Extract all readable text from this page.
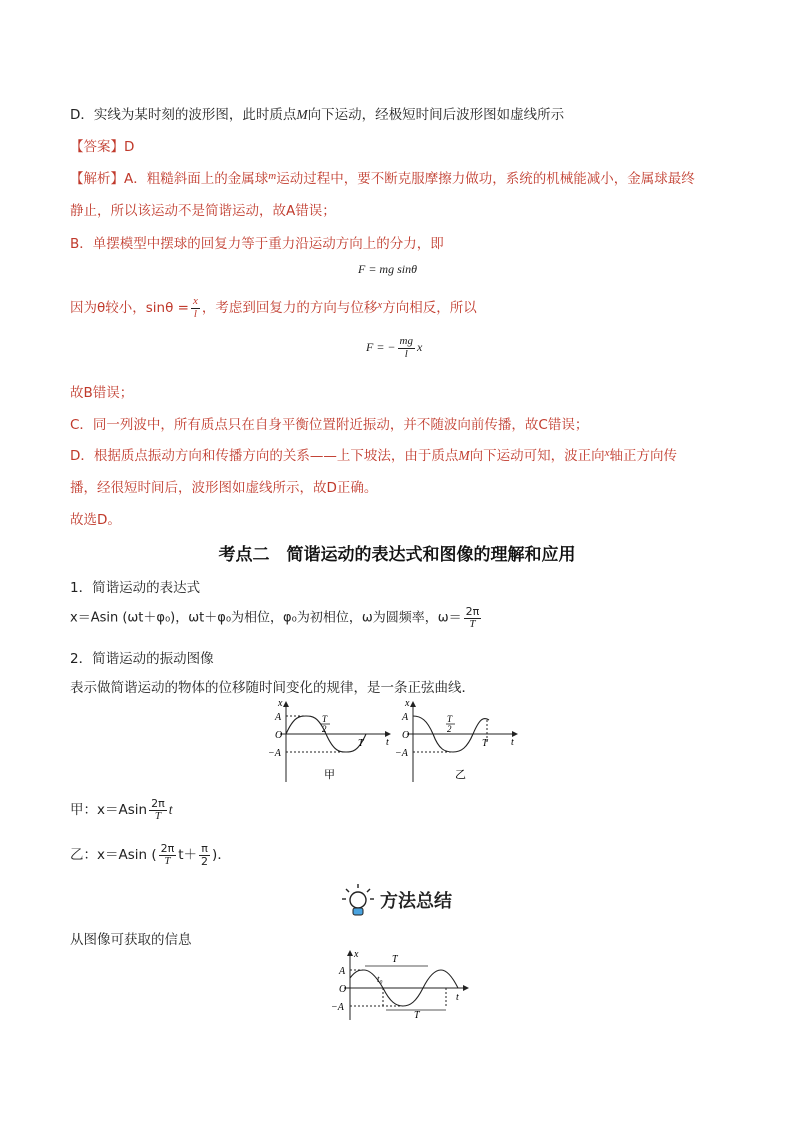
D．实线为某时刻的波形图，此时质点M向下运动，经极短时间后波形图如虚线所示
【答案】D
【解析】A．粗糙斜面上的金属球$^m$运动过程中，要不断克服摩擦力做功，系统的机械能减小，金属球最终
静止，所以该运动不是简谐运动，故A错误；
B．单摆模型中摆球的回复力等于重力沿运动方向上的分力，即
F = mg sinθ
因为θ较小，$\sin\theta = \frac{x}{l}$ ，考虑到回复力的方向与位移$^x$方向相反，所以
F = − $\frac{mg}{l}$ x
故B错误；
C．同一列波中，所有质点只在自身平衡位置附近振动，并不随波向前传播，故C错误；
D．根据质点振动方向和传播方向的关系——上下坡法，由于质点M向下运动可知，波正向$^x$轴正方向传
播，经很短时间后，波形图如虚线所示，故D正确。
故选D。
考点二　简谐运动的表达式和图像的理解和应用
1．简谐运动的表达式
x＝Asin (ωt＋φ₀)，ωt＋φ₀为相位，φ₀为初相位，ω为圆频率，$\omega= \frac{2\pi}{T}$
2．简谐运动的振动图像
表示做简谐运动的物体的位移随时间变化的规律，是一条正弦曲线．
x
t
A
O
−A
T
2
T
甲
x
t
A
O
−A
T
2
T
乙
甲：$x=Asin \frac{2\pi}{T}$ t
乙：x＝Asin ( $\frac{2\pi}{T} t+ \frac{\pi}{2}$ )．
方法总结
从图像可获取的信息
x
t
A
O
−A
T
T
t₀
